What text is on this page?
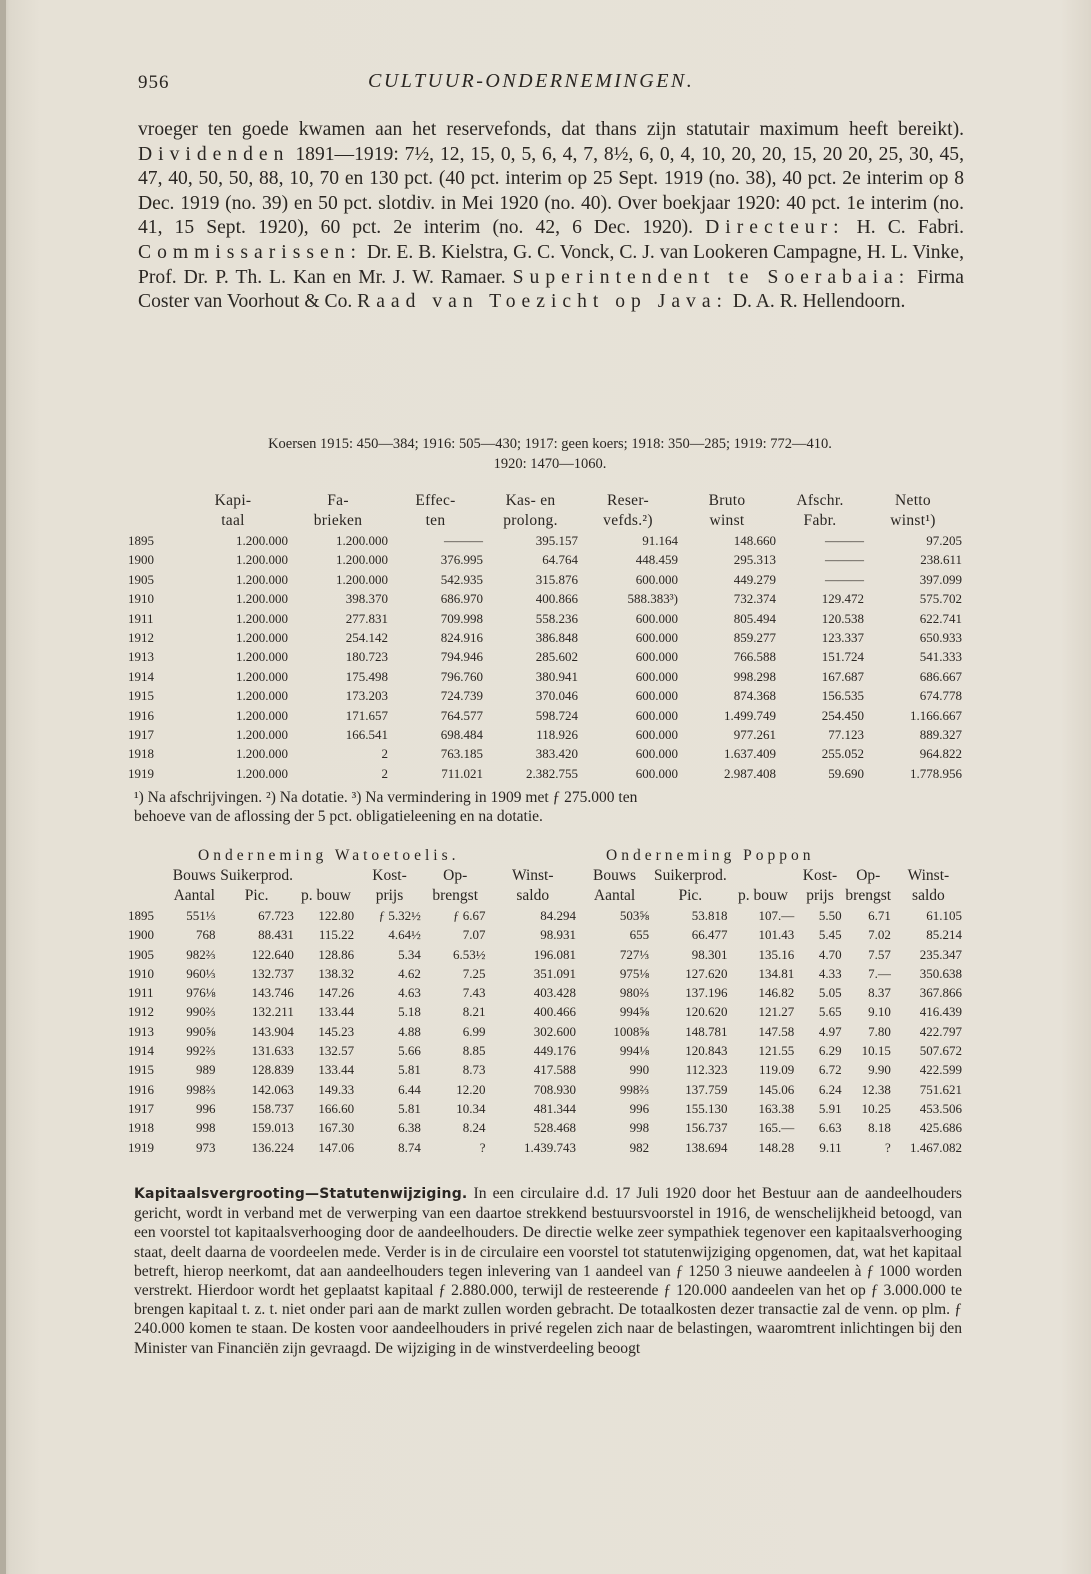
956	CULTUUR-ONDERNEMINGEN.

vroeger ten goede kwamen aan het reservefonds, dat thans zijn statutair maximum heeft bereikt). Dividenden 1891—1919: 7½, 12, 15, 0, 5, 6, 4, 7, 8½, 6, 0, 4, 10, 20, 20, 15, 20 20, 25, 30, 45, 47, 40, 50, 50, 88, 10, 70 en 130 pct. (40 pct. interim op 25 Sept. 1919 (no. 38), 40 pct. 2e interim op 8 Dec. 1919 (no. 39) en 50 pct. slotdiv. in Mei 1920 (no. 40). Over boekjaar 1920: 40 pct. 1e interim (no. 41, 15 Sept. 1920), 60 pct. 2e interim (no. 42, 6 Dec. 1920). Directeur: H. C. Fabri. Commissarissen: Dr. E. B. Kielstra, G. C. Vonck, C. J. van Lookeren Campagne, H. L. Vinke, Prof. Dr. P. Th. L. Kan en Mr. J. W. Ramaer. Superintendent te Soerabaia: Firma Coster van Voorhout & Co. Raad van Toezicht op Java: D. A. R. Hellendoorn.

Koersen 1915: 450—384; 1916: 505—430; 1917: geen koers; 1918: 350—285; 1919: 772—410.
1920: 1470—1060.
	Kapi-	Fa-	Effec-	Kas- en	Reser-	Bruto	Afschr.	Netto
	taal	brieken	ten	prolong.	vefds.²)	winst	Fabr.	winst¹)
1895	1.200.000	1.200.000	———	395.157	91.164	148.660	———	97.205
1900	1.200.000	1.200.000	376.995	64.764	448.459	295.313	———	238.611
1905	1.200.000	1.200.000	542.935	315.876	600.000	449.279	———	397.099
1910	1.200.000	398.370	686.970	400.866	588.383³)	732.374	129.472	575.702
1911	1.200.000	277.831	709.998	558.236	600.000	805.494	120.538	622.741
1912	1.200.000	254.142	824.916	386.848	600.000	859.277	123.337	650.933
1913	1.200.000	180.723	794.946	285.602	600.000	766.588	151.724	541.333
1914	1.200.000	175.498	796.760	380.941	600.000	998.298	167.687	686.667
1915	1.200.000	173.203	724.739	370.046	600.000	874.368	156.535	674.778
1916	1.200.000	171.657	764.577	598.724	600.000	1.499.749	254.450	1.166.667
1917	1.200.000	166.541	698.484	118.926	600.000	977.261	77.123	889.327
1918	1.200.000	2	763.185	383.420	600.000	1.637.409	255.052	964.822
1919	1.200.000	2	711.021	2.382.755	600.000	2.987.408	59.690	1.778.956
¹) Na afschrijvingen. ²) Na dotatie. ³) Na vermindering in 1909 met ƒ 275.000 ten
behoeve van de aflossing der 5 pct. obligatieleening en na dotatie.
Onderneming Watoetoelis.	Onderneming Poppon
	Bouws	Suikerprod.		Kost-	Op-	Winst-	Bouws	Suikerprod.		Kost-	Op-	Winst-
	Aantal	Pic.	p. bouw	prijs	brengst	saldo	Aantal	Pic.	p. bouw	prijs	brengst	saldo
1895	551⅓	67.723	122.80	ƒ 5.32½	ƒ 6.67	84.294	503⅝	53.818	107.—	5.50	6.71	61.105
1900	768	88.431	115.22	4.64½	7.07	98.931	655	66.477	101.43	5.45	7.02	85.214
1905	982⅔	122.640	128.86	5.34	6.53½	196.081	727⅓	98.301	135.16	4.70	7.57	235.347
1910	960⅓	132.737	138.32	4.62	7.25	351.091	975⅛	127.620	134.81	4.33	7.—	350.638
1911	976⅛	143.746	147.26	4.63	7.43	403.428	980⅔	137.196	146.82	5.05	8.37	367.866
1912	990⅔	132.211	133.44	5.18	8.21	400.466	994⅝	120.620	121.27	5.65	9.10	416.439
1913	990⅝	143.904	145.23	4.88	6.99	302.600	1008⅝	148.781	147.58	4.97	7.80	422.797
1914	992⅔	131.633	132.57	5.66	8.85	449.176	994⅛	120.843	121.55	6.29	10.15	507.672
1915	989	128.839	133.44	5.81	8.73	417.588	990	112.323	119.09	6.72	9.90	422.599
1916	998⅔	142.063	149.33	6.44	12.20	708.930	998⅔	137.759	145.06	6.24	12.38	751.621
1917	996	158.737	166.60	5.81	10.34	481.344	996	155.130	163.38	5.91	10.25	453.506
1918	998	159.013	167.30	6.38	8.24	528.468	998	156.737	165.—	6.63	8.18	425.686
1919	973	136.224	147.06	8.74	?	1.439.743	982	138.694	148.28	9.11	?	1.467.082

Kapitaalsvergrooting—Statutenwijziging. In een circulaire d.d. 17 Juli 1920 door het Bestuur aan de aandeelhouders gericht, wordt in verband met de verwerping van een daartoe strekkend bestuursvoorstel in 1916, de wenschelijkheid betoogd, van een voorstel tot kapitaalsverhooging door de aandeelhouders. De directie welke zeer sympathiek tegenover een kapitaalsverhooging staat, deelt daarna de voordeelen mede. Verder is in de circulaire een voorstel tot statutenwijziging opgenomen, dat, wat het kapitaal betreft, hierop neerkomt, dat aan aandeelhouders tegen inlevering van 1 aandeel van ƒ 1250 3 nieuwe aandeelen à ƒ 1000 worden verstrekt. Hierdoor wordt het geplaatst kapitaal ƒ 2.880.000, terwijl de resteerende ƒ 120.000 aandeelen van het op ƒ 3.000.000 te brengen kapitaal t. z. t. niet onder pari aan de markt zullen worden gebracht. De totaalkosten dezer transactie zal de venn. op plm. ƒ 240.000 komen te staan. De kosten voor aandeelhouders in privé regelen zich naar de belastingen, waaromtrent inlichtingen bij den Minister van Financiën zijn gevraagd. De wijziging in de winstverdeeling beoogt
